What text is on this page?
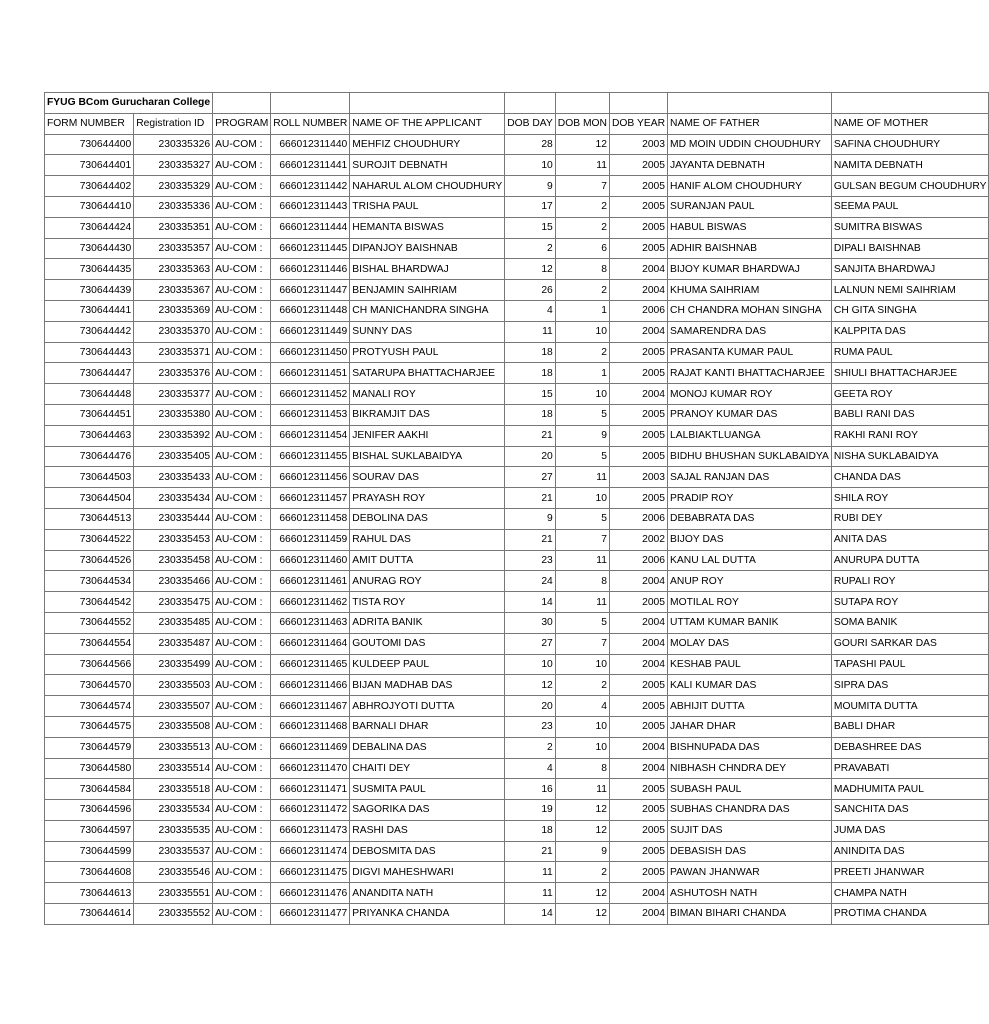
FYUG BCom Gurucharan College									
FORM NUMBER	Registration ID	PROGRAM	ROLL NUMBER	NAME OF THE APPLICANT	DOB DAY	DOB MON	DOB YEAR	NAME OF FATHER	NAME OF MOTHER
730644400	230335326	AU-COM :	666012311440	MEHFIZ CHOUDHURY	28	12	2003	MD MOIN UDDIN CHOUDHURY	SAFINA CHOUDHURY
730644401	230335327	AU-COM :	666012311441	SUROJIT DEBNATH	10	11	2005	JAYANTA DEBNATH	NAMITA DEBNATH
730644402	230335329	AU-COM :	666012311442	NAHARUL ALOM CHOUDHURY	9	7	2005	HANIF ALOM CHOUDHURY	GULSAN BEGUM CHOUDHURY
730644410	230335336	AU-COM :	666012311443	TRISHA PAUL	17	2	2005	SURANJAN PAUL	SEEMA PAUL
730644424	230335351	AU-COM :	666012311444	HEMANTA BISWAS	15	2	2005	HABUL BISWAS	SUMITRA BISWAS
730644430	230335357	AU-COM :	666012311445	DIPANJOY BAISHNAB	2	6	2005	ADHIR BAISHNAB	DIPALI BAISHNAB
730644435	230335363	AU-COM :	666012311446	BISHAL BHARDWAJ	12	8	2004	BIJOY KUMAR BHARDWAJ	SANJITA BHARDWAJ
730644439	230335367	AU-COM :	666012311447	BENJAMIN SAIHRIAM	26	2	2004	KHUMA SAIHRIAM	LALNUN NEMI SAIHRIAM
730644441	230335369	AU-COM :	666012311448	CH MANICHANDRA SINGHA	4	1	2006	CH CHANDRA MOHAN SINGHA	CH GITA SINGHA
730644442	230335370	AU-COM :	666012311449	SUNNY DAS	11	10	2004	SAMARENDRA DAS	KALPPITA DAS
730644443	230335371	AU-COM :	666012311450	PROTYUSH PAUL	18	2	2005	PRASANTA KUMAR PAUL	RUMA PAUL
730644447	230335376	AU-COM :	666012311451	SATARUPA BHATTACHARJEE	18	1	2005	RAJAT KANTI BHATTACHARJEE	SHIULI BHATTACHARJEE
730644448	230335377	AU-COM :	666012311452	MANALI ROY	15	10	2004	MONOJ KUMAR ROY	GEETA ROY
730644451	230335380	AU-COM :	666012311453	BIKRAMJIT DAS	18	5	2005	PRANOY KUMAR DAS	BABLI RANI DAS
730644463	230335392	AU-COM :	666012311454	JENIFER AAKHI	21	9	2005	LALBIAKTLUANGA	RAKHI RANI ROY
730644476	230335405	AU-COM :	666012311455	BISHAL SUKLABAIDYA	20	5	2005	BIDHU BHUSHAN SUKLABAIDYA	NISHA SUKLABAIDYA
730644503	230335433	AU-COM :	666012311456	SOURAV DAS	27	11	2003	SAJAL RANJAN DAS	CHANDA DAS
730644504	230335434	AU-COM :	666012311457	PRAYASH ROY	21	10	2005	PRADIP ROY	SHILA ROY
730644513	230335444	AU-COM :	666012311458	DEBOLINA DAS	9	5	2006	DEBABRATA DAS	RUBI DEY
730644522	230335453	AU-COM :	666012311459	RAHUL DAS	21	7	2002	BIJOY DAS	ANITA DAS
730644526	230335458	AU-COM :	666012311460	AMIT DUTTA	23	11	2006	KANU LAL DUTTA	ANURUPA DUTTA
730644534	230335466	AU-COM :	666012311461	ANURAG ROY	24	8	2004	ANUP ROY	RUPALI ROY
730644542	230335475	AU-COM :	666012311462	TISTA ROY	14	11	2005	MOTILAL ROY	SUTAPA ROY
730644552	230335485	AU-COM :	666012311463	ADRITA BANIK	30	5	2004	UTTAM KUMAR BANIK	SOMA BANIK
730644554	230335487	AU-COM :	666012311464	GOUTOMI DAS	27	7	2004	MOLAY DAS	GOURI SARKAR DAS
730644566	230335499	AU-COM :	666012311465	KULDEEP PAUL	10	10	2004	KESHAB PAUL	TAPASHI PAUL
730644570	230335503	AU-COM :	666012311466	BIJAN MADHAB DAS	12	2	2005	KALI KUMAR DAS	SIPRA DAS
730644574	230335507	AU-COM :	666012311467	ABHROJYOTI DUTTA	20	4	2005	ABHIJIT DUTTA	MOUMITA DUTTA
730644575	230335508	AU-COM :	666012311468	BARNALI DHAR	23	10	2005	JAHAR DHAR	BABLI DHAR
730644579	230335513	AU-COM :	666012311469	DEBALINA DAS	2	10	2004	BISHNUPADA DAS	DEBASHREE DAS
730644580	230335514	AU-COM :	666012311470	CHAITI DEY	4	8	2004	NIBHASH CHNDRA DEY	PRAVABATI
730644584	230335518	AU-COM :	666012311471	SUSMITA PAUL	16	11	2005	SUBASH PAUL	MADHUMITA PAUL
730644596	230335534	AU-COM :	666012311472	SAGORIKA DAS	19	12	2005	SUBHAS CHANDRA DAS	SANCHITA DAS
730644597	230335535	AU-COM :	666012311473	RASHI DAS	18	12	2005	SUJIT DAS	JUMA DAS
730644599	230335537	AU-COM :	666012311474	DEBOSMITA DAS	21	9	2005	DEBASISH DAS	ANINDITA DAS
730644608	230335546	AU-COM :	666012311475	DIGVI MAHESHWARI	11	2	2005	PAWAN JHANWAR	PREETI JHANWAR
730644613	230335551	AU-COM :	666012311476	ANANDITA NATH	11	12	2004	ASHUTOSH NATH	CHAMPA NATH
730644614	230335552	AU-COM :	666012311477	PRIYANKA CHANDA	14	12	2004	BIMAN BIHARI CHANDA	PROTIMA CHANDA
